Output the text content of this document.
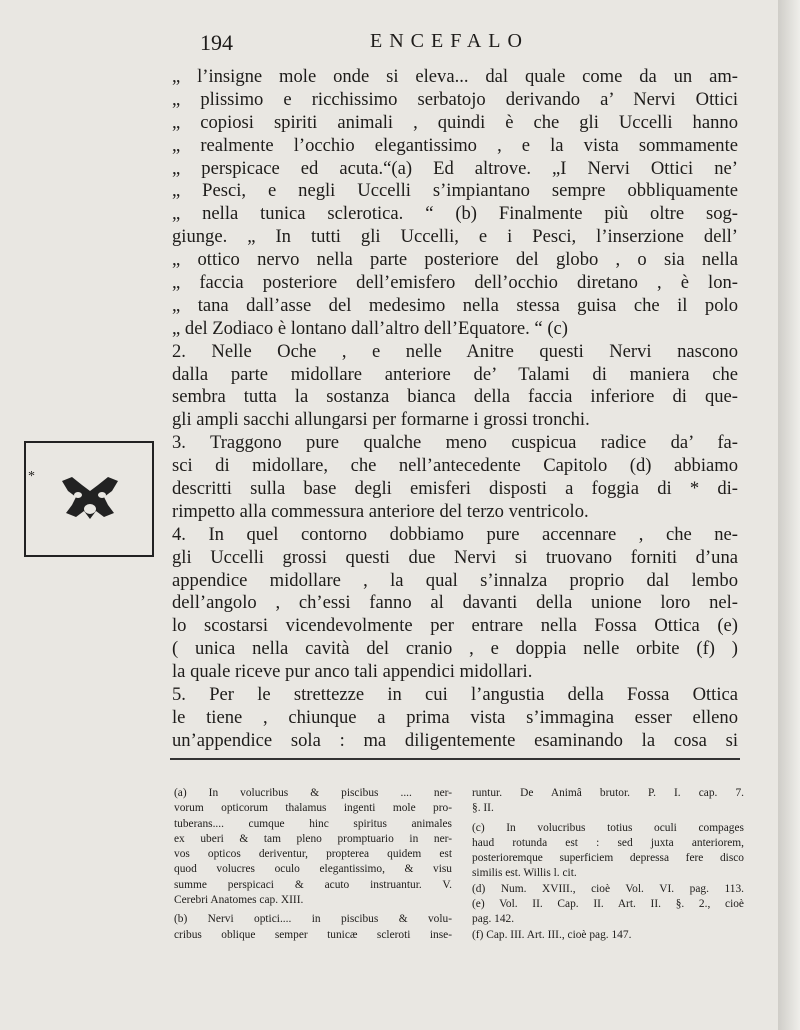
194	ENCEFALO
„ l’insigne mole onde si eleva... dal quale come da un am-
„ plissimo e ricchissimo serbatojo derivando a’ Nervi Ottici
„ copiosi spiriti animali , quindi è che gli Uccelli hanno
„ realmente l’occhio elegantissimo , e la vista sommamente
„ perspicace ed acuta.“(a) Ed altrove. „I Nervi Ottici ne’
„ Pesci, e negli Uccelli s’impiantano sempre obbliquamente
„ nella tunica sclerotica. “ (b) Finalmente più oltre sog-
giunge. „ In tutti gli Uccelli, e i Pesci, l’inserzione dell’
„ ottico nervo nella parte posteriore del globo , o sia nella
„ faccia posteriore dell’emisfero dell’occhio diretano , è lon-
„ tana dall’asse del medesimo nella stessa guisa che il polo
„ del Zodiaco è lontano dall’altro dell’Equatore. “ (c)
2. Nelle Oche , e nelle Anitre questi Nervi nascono
dalla parte midollare anteriore de’ Talami di maniera che
sembra tutta la sostanza bianca della faccia inferiore di que-
gli ampli sacchi allungarsi per formarne i grossi tronchi.
3. Traggono pure qualche meno cuspicua radice da’ fa-
sci di midollare, che nell’antecedente Capitolo (d) abbiamo
descritti sulla base degli emisferi disposti a foggia di * di-
rimpetto alla commessura anteriore del terzo ventricolo.
4. In quel contorno dobbiamo pure accennare , che ne-
gli Uccelli grossi questi due Nervi si truovano forniti d’una
appendice midollare , la qual s’innalza proprio dal lembo
dell’angolo , ch’essi fanno al davanti della unione loro nel-
lo scostarsi vicendevolmente per entrare nella Fossa Ottica (e)
( unica nella cavità del cranio , e doppia nelle orbite (f) )
la quale riceve pur anco tali appendici midollari.
5. Per le strettezze in cui l’angustia della Fossa Ottica
le tiene , chiunque a prima vista s’immagina esser elleno
un’appendice sola : ma diligentemente esaminando la cosa si
*
(a) In volucribus & piscibus .... ner-
vorum opticorum thalamus ingenti mole pro-
tuberans.... cumque hinc spiritus animales
ex uberi & tam pleno promptuario in ner-
vos opticos deriventur, propterea quidem est
quod volucres oculo elegantissimo, & visu
summe perspicaci & acuto instruantur. V.
Cerebri Anatomes cap. XIII.
(b) Nervi optici.... in piscibus & volu-
cribus oblique semper tunicæ scleroti inse-
runtur. De Animâ brutor. P. I. cap. 7.
§. II.
(c) In volucribus totius oculi compages
haud rotunda est : sed juxta anteriorem,
posterioremque superficiem depressa fere disco
similis est. Willis l. cit.
(d) Num. XVIII., cioè Vol. VI. pag. 113.
(e) Vol. II. Cap. II. Art. II. §. 2., cioè
pag. 142.
(f) Cap. III. Art. III., cioè pag. 147.
